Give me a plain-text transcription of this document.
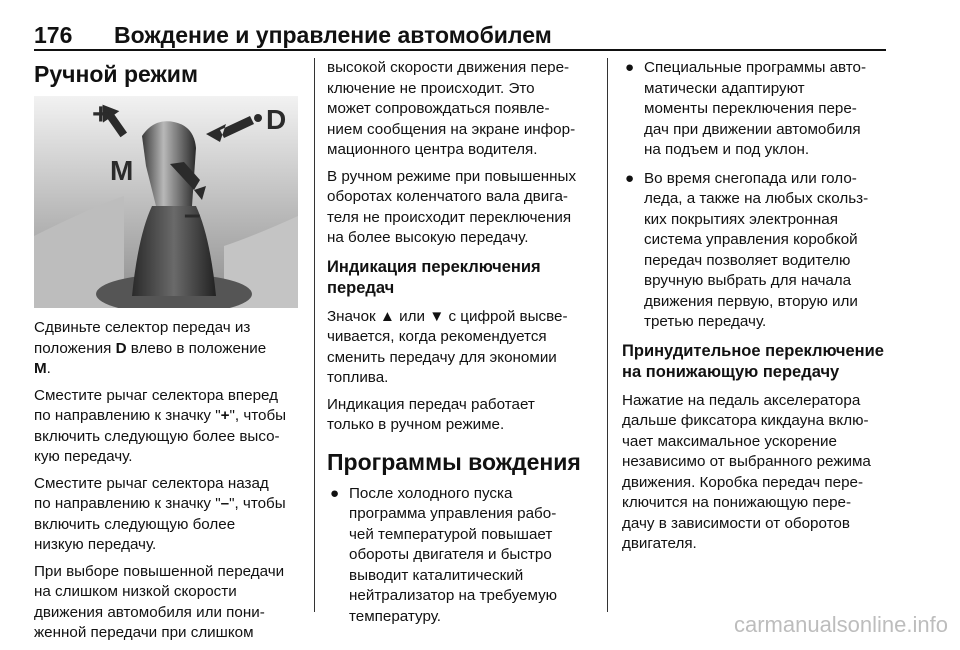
176 Вождение и управление автомобилем
Ручной режим
+
–
D
M

Сдвиньте селектор передач из
положения D влево в положение
M.

Сместите рычаг селектора вперед
по направлению к значку "+", чтобы
включить следующую более высо-
кую передачу.

Сместите рычаг селектора назад
по направлению к значку "–", чтобы
включить следующую более
низкую передачу.

При выборе повышенной передачи
на слишком низкой скорости
движения автомобиля или пони-
женной передачи при слишком

высокой скорости движения пере-
ключение не происходит. Это
может сопровождаться появле-
нием сообщения на экране инфор-
мационного центра водителя.

В ручном режиме при повышенных
оборотах коленчатого вала двига-
теля не происходит переключения
на более высокую передачу.

Индикация переключения
передач

Значок ▲ или ▼ с цифрой высве-
чивается, когда рекомендуется
сменить передачу для экономии
топлива.

Индикация передач работает
только в ручном режиме.

Программы вождения
● После холодного пуска
программа управления рабо-
чей температурой повышает
обороты двигателя и быстро
выводит каталитический
нейтрализатор на требуемую
температуру.
● Специальные программы авто-
матически адаптируют
моменты переключения пере-
дач при движении автомобиля
на подъем и под уклон.
● Во время снегопада или голо-
леда, а также на любых скольз-
ких покрытиях электронная
система управления коробкой
передач позволяет водителю
вручную выбрать для начала
движения первую, вторую или
третью передачу.
Принудительное переключение
на понижающую передачу

Нажатие на педаль акселератора
дальше фиксатора кикдауна вклю-
чает максимальное ускорение
независимо от выбранного режима
движения. Коробка передач пере-
ключится на понижающую пере-
дачу в зависимости от оборотов
двигателя.

carmanualsonline.info
